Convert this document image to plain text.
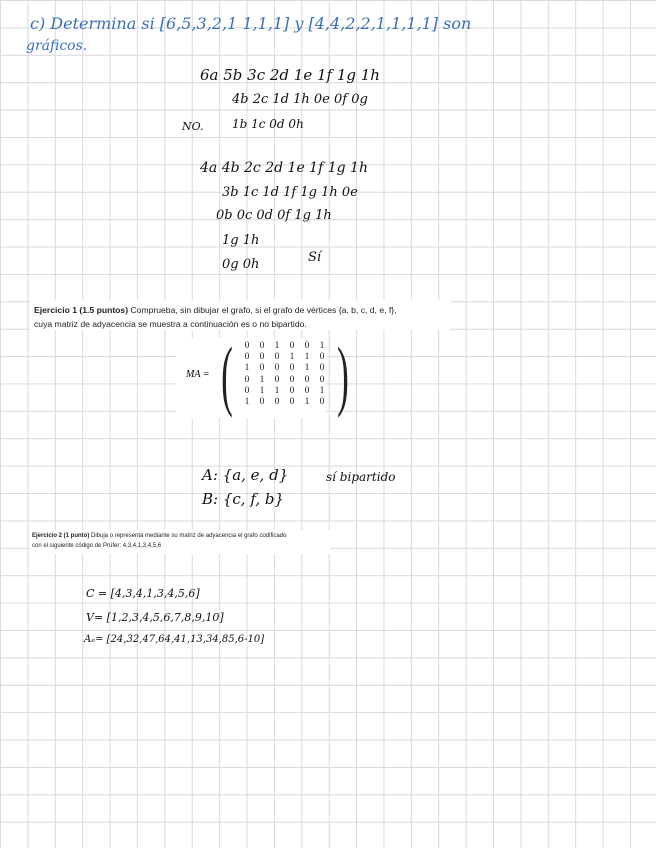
c) Determina si [6,5,3,2,1 1,1,1] y [4,4,2,2,1,1,1,1] son
gráficos.
6a 5b 3c 2d 1e 1f 1g 1h
4b 2c 1d 1h 0e 0f 0g
NO. 1b 1c 0d 0h
4a 4b 2c 2d 1e 1f 1g 1h
3b 1c 1d 1f 1g 1h 0e
0b 0c 0d 0f 1g 1h
1g 1h
0g 0h	Sí
Ejercicio 1 (1.5 puntos) Comprueba, sin dibujar el grafo, si el grafo de vértices {a, b, c, d, e, f},
cuya matriz de adyacencia se muestra a continuación es o no bipartido.
MA = (	0	0	1	0	0	1
0	0	0	1	1	0
1	0	0	0	1	0
0	1	0	0	0	0
0	1	1	0	0	1
1	0	0	0	1	0 )
A: {a, e, d}	sí bipartido
B: {c, f, b}
Ejercicio 2 (1 punto) Dibuja o representa mediante su matriz de adyacencia el grafo codificado
con el siguiente código de Prüfer: 4,3,4,1,3,4,5,6
C = [4,3,4,1,3,4,5,6]
V= [1,2,3,4,5,6,7,8,9,10]
Aₑ= [24,32,47,64,41,13,34,85,6-10]
